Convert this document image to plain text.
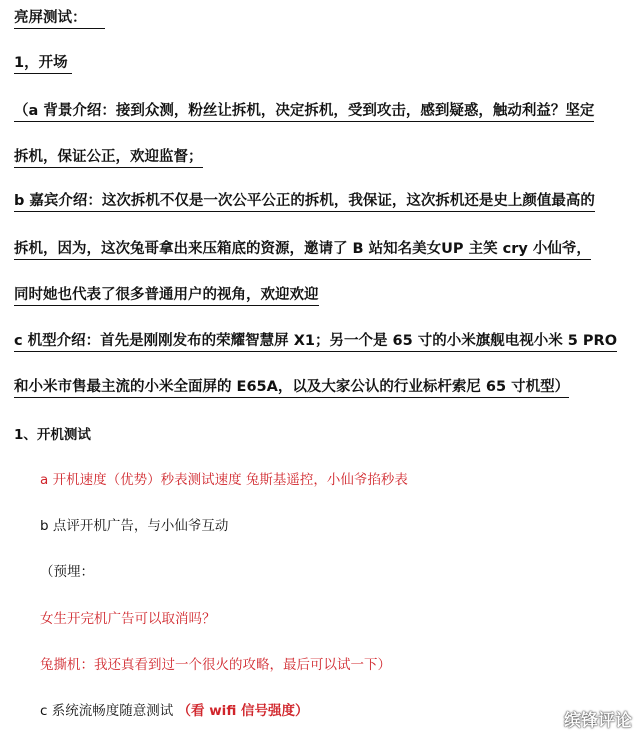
亮屏测试：
1，开场
（a 背景介绍：接到众测，粉丝让拆机，决定拆机，受到攻击，感到疑惑，触动利益？坚定
拆机，保证公正，欢迎监督；
b 嘉宾介绍：这次拆机不仅是一次公平公正的拆机，我保证，这次拆机还是史上颜值最高的
拆机，因为，这次兔哥拿出来压箱底的资源，邀请了 B 站知名美女UP 主笑 cry 小仙爷，
同时她也代表了很多普通用户的视角，欢迎欢迎
c 机型介绍：首先是刚刚发布的荣耀智慧屏 X1；另一个是 65 寸的小米旗舰电视小米 5 PRO
和小米市售最主流的小米全面屏的 E65A，以及大家公认的行业标杆索尼 65 寸机型）
1、开机测试
a 开机速度（优势）秒表测试速度 兔斯基遥控，小仙爷掐秒表
b 点评开机广告，与小仙爷互动
（预埋：
女生开完机广告可以取消吗？
兔撕机：我还真看到过一个很火的攻略，最后可以试一下）
c 系统流畅度随意测试 （看 wifi 信号强度）	缤锋评论
